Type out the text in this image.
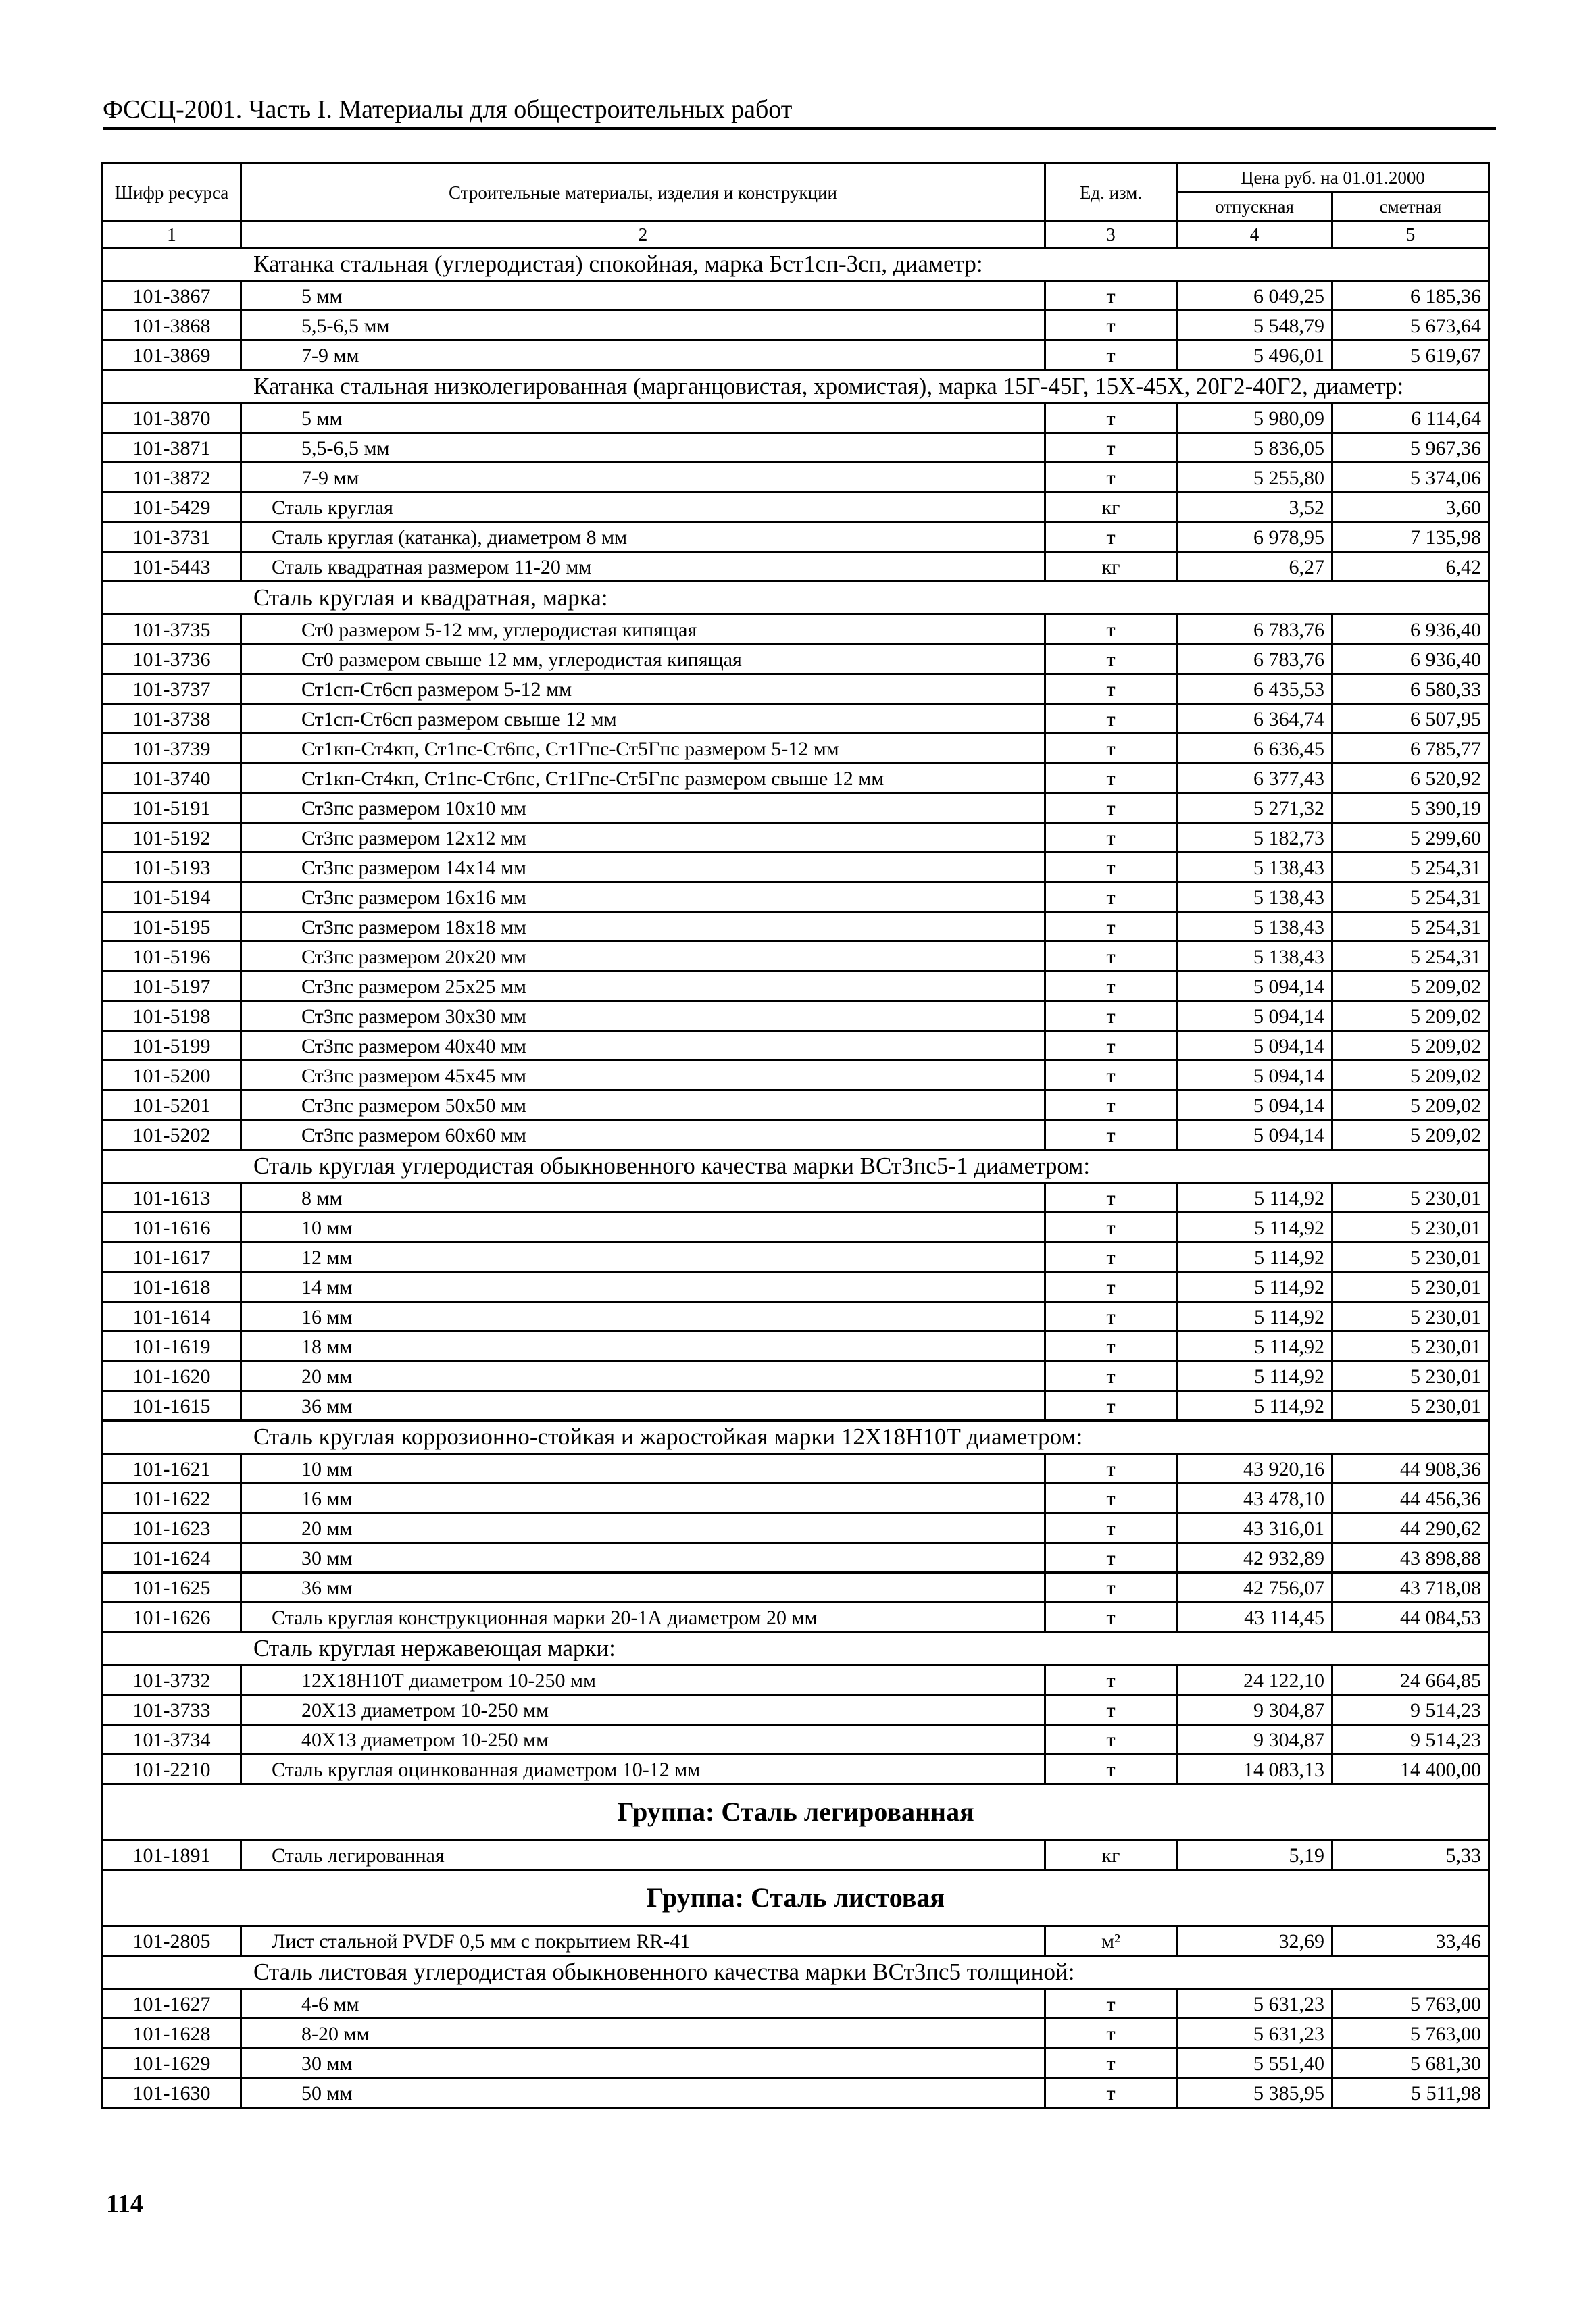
ФССЦ-2001. Часть I. Материалы для общестроительных работ
Шифр ресурса	Строительные материалы, изделия и конструкции	Ед. изм.	Цена руб. на 01.01.2000	
			отпускная	сметная
1	2	3	4	5
Катанка стальная (углеродистая) спокойная, марка Бст1сп-3сп, диаметр:				
101-3867	5 мм	т	6 049,25	6 185,36
101-3868	5,5-6,5 мм	т	5 548,79	5 673,64
101-3869	7-9 мм	т	5 496,01	5 619,67
Катанка стальная низколегированная (марганцовистая, хромистая), марка 15Г-45Г, 15Х-45Х, 20Г2-40Г2, диаметр:				
101-3870	5 мм	т	5 980,09	6 114,64
101-3871	5,5-6,5 мм	т	5 836,05	5 967,36
101-3872	7-9 мм	т	5 255,80	5 374,06
101-5429	Сталь круглая	кг	3,52	3,60
101-3731	Сталь круглая (катанка), диаметром 8 мм	т	6 978,95	7 135,98
101-5443	Сталь квадратная размером 11-20 мм	кг	6,27	6,42
Сталь круглая и квадратная, марка:				
101-3735	Ст0 размером 5-12 мм, углеродистая кипящая	т	6 783,76	6 936,40
101-3736	Ст0 размером свыше 12 мм, углеродистая кипящая	т	6 783,76	6 936,40
101-3737	Ст1сп-Ст6сп размером 5-12 мм	т	6 435,53	6 580,33
101-3738	Ст1сп-Ст6сп размером свыше 12 мм	т	6 364,74	6 507,95
101-3739	Ст1кп-Ст4кп, Ст1пс-Ст6пс, Ст1Гпс-Ст5Гпс размером 5-12 мм	т	6 636,45	6 785,77
101-3740	Ст1кп-Ст4кп, Ст1пс-Ст6пс, Ст1Гпс-Ст5Гпс размером свыше 12 мм	т	6 377,43	6 520,92
101-5191	Ст3пс размером 10х10 мм	т	5 271,32	5 390,19
101-5192	Ст3пс размером 12х12 мм	т	5 182,73	5 299,60
101-5193	Ст3пс размером 14х14 мм	т	5 138,43	5 254,31
101-5194	Ст3пс размером 16х16 мм	т	5 138,43	5 254,31
101-5195	Ст3пс размером 18х18 мм	т	5 138,43	5 254,31
101-5196	Ст3пс размером 20х20 мм	т	5 138,43	5 254,31
101-5197	Ст3пс размером 25х25 мм	т	5 094,14	5 209,02
101-5198	Ст3пс размером 30х30 мм	т	5 094,14	5 209,02
101-5199	Ст3пс размером 40х40 мм	т	5 094,14	5 209,02
101-5200	Ст3пс размером 45х45 мм	т	5 094,14	5 209,02
101-5201	Ст3пс размером 50х50 мм	т	5 094,14	5 209,02
101-5202	Ст3пс размером 60х60 мм	т	5 094,14	5 209,02
Сталь круглая углеродистая обыкновенного качества марки ВСт3пс5-1 диаметром:				
101-1613	8 мм	т	5 114,92	5 230,01
101-1616	10 мм	т	5 114,92	5 230,01
101-1617	12 мм	т	5 114,92	5 230,01
101-1618	14 мм	т	5 114,92	5 230,01
101-1614	16 мм	т	5 114,92	5 230,01
101-1619	18 мм	т	5 114,92	5 230,01
101-1620	20 мм	т	5 114,92	5 230,01
101-1615	36 мм	т	5 114,92	5 230,01
Сталь круглая коррозионно-стойкая и жаростойкая марки 12Х18Н10Т диаметром:				
101-1621	10 мм	т	43 920,16	44 908,36
101-1622	16 мм	т	43 478,10	44 456,36
101-1623	20 мм	т	43 316,01	44 290,62
101-1624	30 мм	т	42 932,89	43 898,88
101-1625	36 мм	т	42 756,07	43 718,08
101-1626	Сталь круглая конструкционная марки 20-1А диаметром 20 мм	т	43 114,45	44 084,53
Сталь круглая нержавеющая марки:				
101-3732	12Х18Н10Т диаметром 10-250 мм	т	24 122,10	24 664,85
101-3733	20Х13 диаметром 10-250 мм	т	9 304,87	9 514,23
101-3734	40Х13 диаметром 10-250 мм	т	9 304,87	9 514,23
101-2210	Сталь круглая оцинкованная диаметром 10-12 мм	т	14 083,13	14 400,00
Группа: Сталь легированная				
101-1891	Сталь легированная	кг	5,19	5,33
Группа: Сталь листовая				
101-2805	Лист стальной PVDF 0,5 мм с покрытием RR-41	м²	32,69	33,46
Сталь листовая углеродистая обыкновенного качества марки ВСт3пс5 толщиной:				
101-1627	4-6 мм	т	5 631,23	5 763,00
101-1628	8-20 мм	т	5 631,23	5 763,00
101-1629	30 мм	т	5 551,40	5 681,30
101-1630	50 мм	т	5 385,95	5 511,98
114
